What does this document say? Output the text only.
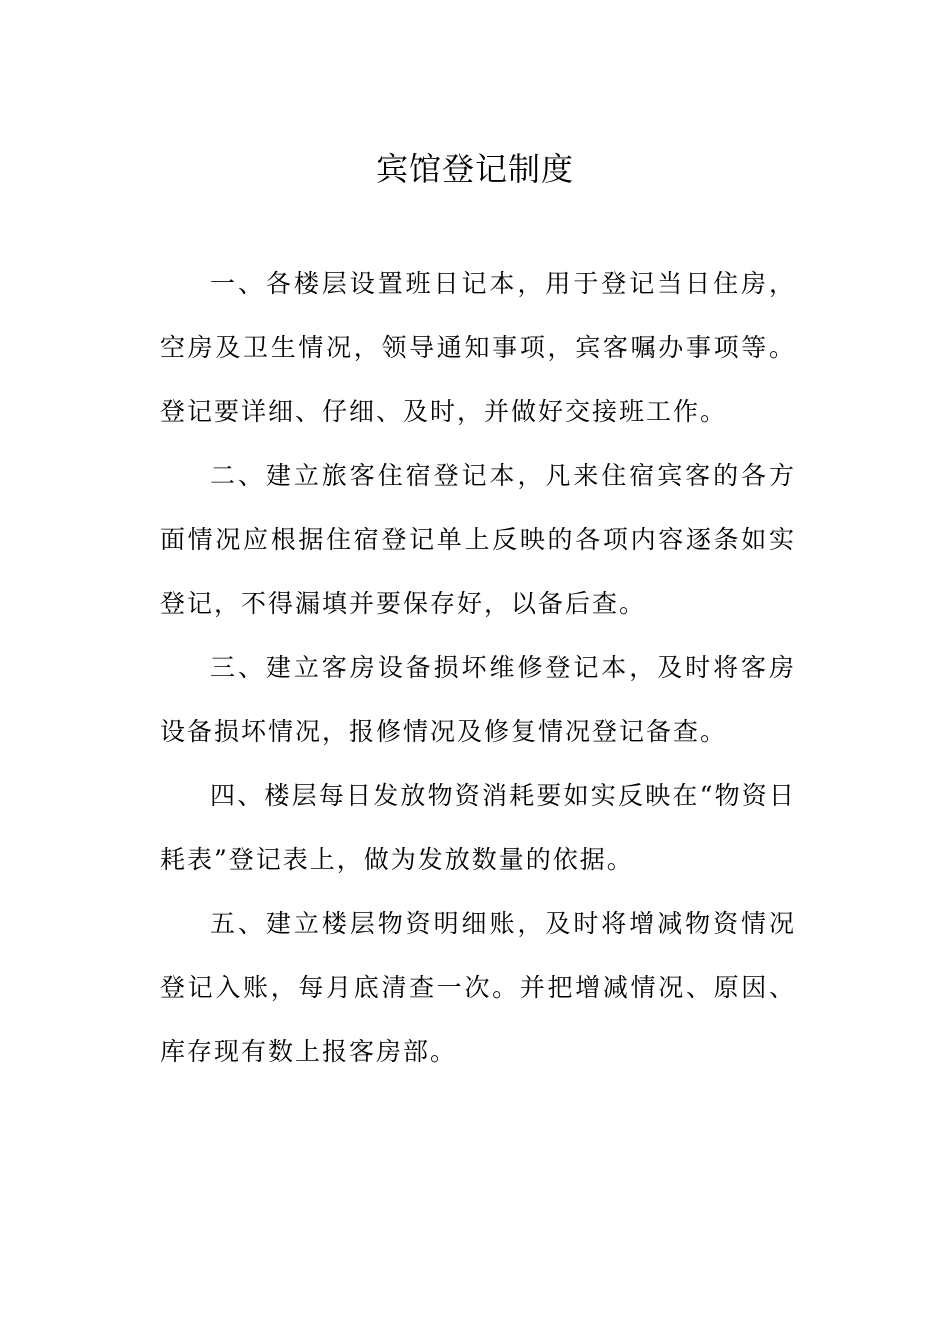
宾馆登记制度

一、各楼层设置班日记本，用于登记当日住房，空房及卫生情况，领导通知事项，宾客嘱办事项等。登记要详细、仔细、及时，并做好交接班工作。

二、建立旅客住宿登记本，凡来住宿宾客的各方面情况应根据住宿登记单上反映的各项内容逐条如实登记，不得漏填并要保存好，以备后查。

三、建立客房设备损坏维修登记本，及时将客房设备损坏情况，报修情况及修复情况登记备查。

四、楼层每日发放物资消耗要如实反映在“物资日耗表”登记表上，做为发放数量的依据。

五、建立楼层物资明细账，及时将增减物资情况登记入账，每月底清查一次。并把增减情况、原因、库存现有数上报客房部。
